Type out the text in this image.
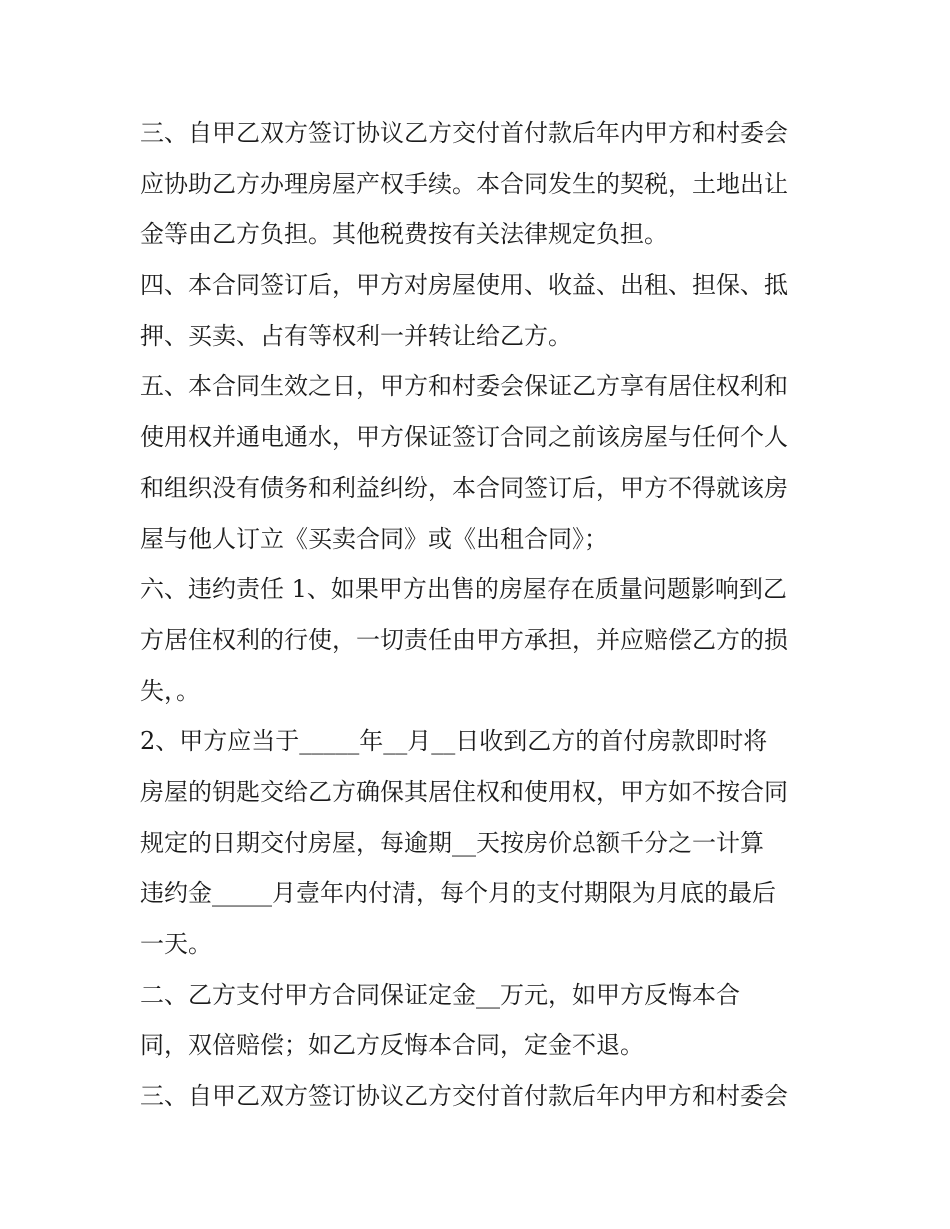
三、自甲乙双方签订协议乙方交付首付款后年内甲方和村委会
应协助乙方办理房屋产权手续。本合同发生的契税，土地出让
金等由乙方负担。其他税费按有关法律规定负担。
四、本合同签订后，甲方对房屋使用、收益、出租、担保、抵
押、买卖、占有等权利一并转让给乙方。
五、本合同生效之日，甲方和村委会保证乙方享有居住权利和
使用权并通电通水，甲方保证签订合同之前该房屋与任何个人
和组织没有债务和利益纠纷，本合同签订后，甲方不得就该房
屋与他人订立《买卖合同》或《出租合同》；
六、违约责任 1、如果甲方出售的房屋存在质量问题影响到乙
方居住权利的行使，一切责任由甲方承担，并应赔偿乙方的损
失，。
2、甲方应当于_____年__月__日收到乙方的首付房款即时将
房屋的钥匙交给乙方确保其居住权和使用权，甲方如不按合同
规定的日期交付房屋，每逾期__天按房价总额千分之一计算
违约金_____月壹年内付清，每个月的支付期限为月底的最后
一天。
二、乙方支付甲方合同保证定金__万元，如甲方反悔本合
同，双倍赔偿；如乙方反悔本合同，定金不退。
三、自甲乙双方签订协议乙方交付首付款后年内甲方和村委会
